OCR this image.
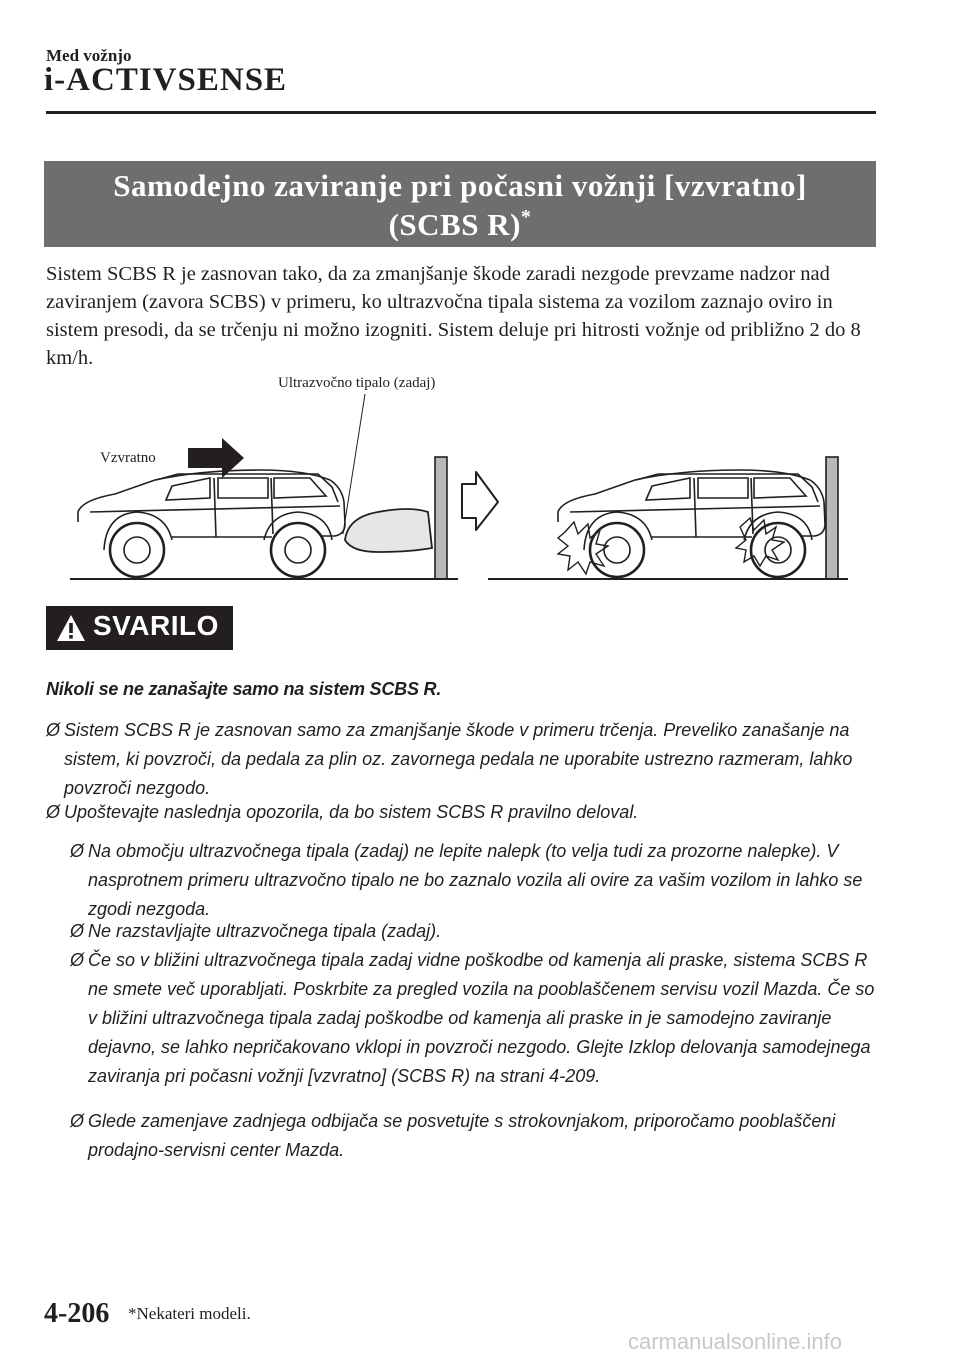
Med vožnjo
i-ACTIVSENSE
Samodejno zaviranje pri počasni vožnji [vzvratno]
(SCBS R)*
Sistem SCBS R je zasnovan tako, da za zmanjšanje škode zaradi nezgode prevzame nadzor nad zaviranjem (zavora SCBS) v primeru, ko ultrazvočna tipala sistema za vozilom zaznajo oviro in sistem presodi, da se trčenju ni možno izogniti. Sistem deluje pri hitrosti vožnje od približno 2 do 8 km/h.
Ultrazvočno tipalo (zadaj)
Vzvratno
SVARILO
Nikoli se ne zanašajte samo na sistem SCBS R.
Ø Sistem SCBS R je zasnovan samo za zmanjšanje škode v primeru trčenja. Preveliko zanašanje na sistem, ki povzroči, da pedala za plin oz. zavornega pedala ne uporabite ustrezno razmeram, lahko povzroči nezgodo.
Ø Upoštevajte naslednja opozorila, da bo sistem SCBS R pravilno deloval.
Ø Na območju ultrazvočnega tipala (zadaj) ne lepite nalepk (to velja tudi za prozorne nalepke). V nasprotnem primeru ultrazvočno tipalo ne bo zaznalo vozila ali ovire za vašim vozilom in lahko se zgodi nezgoda.
Ø Ne razstavljajte ultrazvočnega tipala (zadaj).
Ø Če so v bližini ultrazvočnega tipala zadaj vidne poškodbe od kamenja ali praske, sistema SCBS R ne smete več uporabljati. Poskrbite za pregled vozila na pooblaščenem servisu vozil Mazda. Če so v bližini ultrazvočnega tipala zadaj poškodbe od kamenja ali praske in je samodejno zaviranje dejavno, se lahko nepričakovano vklopi in povzroči nezgodo. Glejte Izklop delovanja samodejnega zaviranja pri počasni vožnji [vzvratno] (SCBS R) na strani 4-209.
Ø Glede zamenjave zadnjega odbijača se posvetujte s strokovnjakom, priporočamo pooblaščeni prodajno-servisni center Mazda.
4-206 *Nekateri modeli.
carmanualsonline.info
